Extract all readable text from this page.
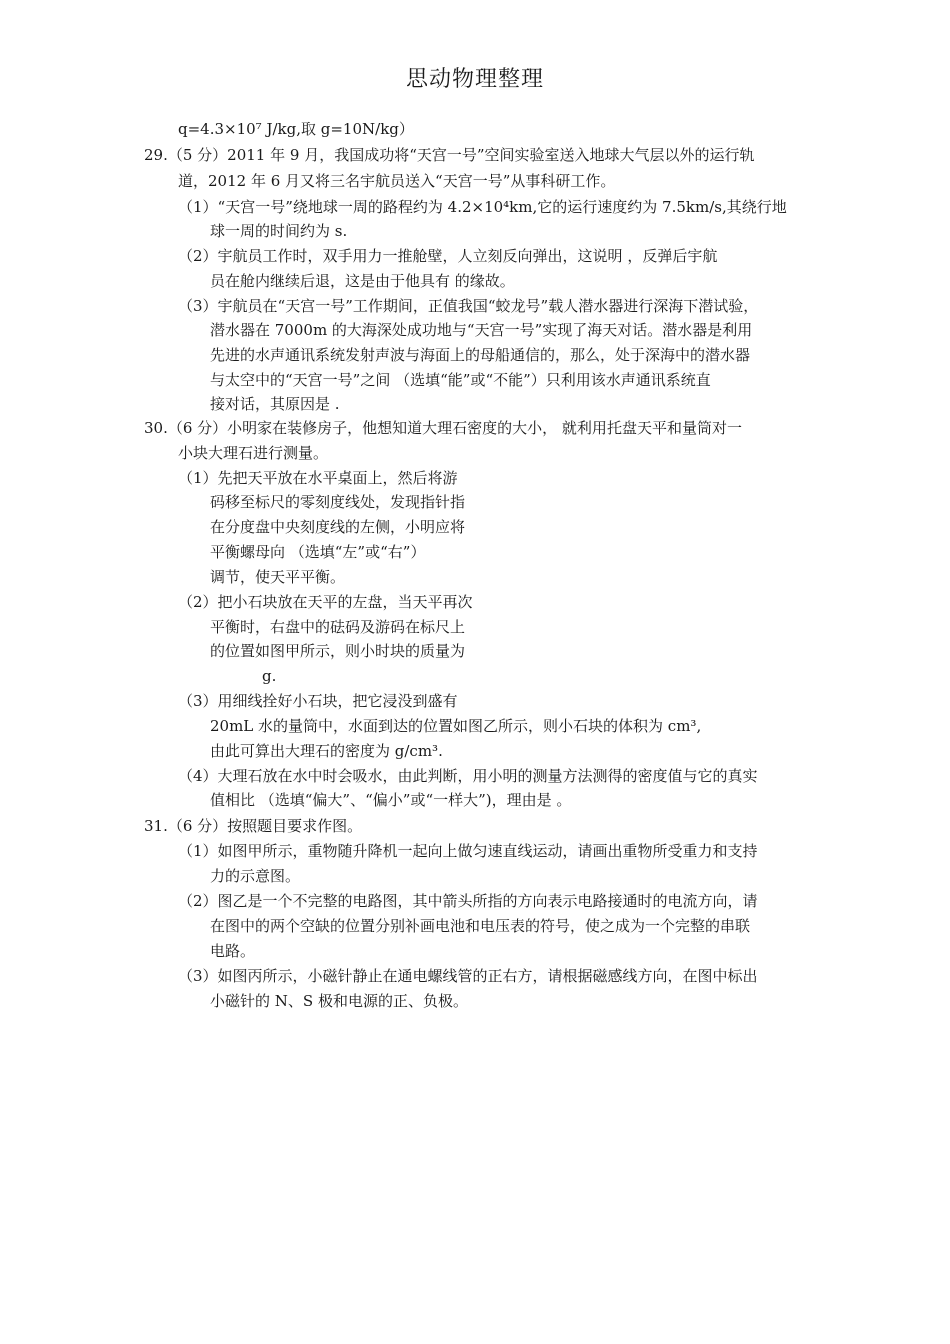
思动物理整理
q=4.3×10⁷ J/kg,取 g=10N/kg）
29.（5 分）2011 年 9 月，我国成功将“天宫一号”空间实验室送入地球大气层以外的运行轨
道，2012 年 6 月又将三名宇航员送入“天宫一号”从事科研工作。
（1）“天宫一号”绕地球一周的路程约为 4.2×10⁴km,它的运行速度约为 7.5km/s,其绕行地
球一周的时间约为 s.
（2）宇航员工作时，双手用力一推舱壁，人立刻反向弹出，这说明 ，反弹后宇航
员在舱内继续后退，这是由于他具有 的缘故。
（3）宇航员在“天宫一号”工作期间，正值我国“蛟龙号”载人潜水器进行深海下潜试验，
潜水器在 7000m 的大海深处成功地与“天宫一号”实现了海天对话。潜水器是利用
先进的水声通讯系统发射声波与海面上的母船通信的，那么，处于深海中的潜水器
与太空中的“天宫一号”之间 （选填“能”或“不能”）只利用该水声通讯系统直
接对话，其原因是 .
30.（6 分）小明家在装修房子，他想知道大理石密度的大小， 就利用托盘天平和量筒对一
小块大理石进行测量。
（1）先把天平放在水平桌面上，然后将游
码移至标尺的零刻度线处，发现指针指
在分度盘中央刻度线的左侧，小明应将
平衡螺母向 （选填“左”或“右”）
调节，使天平平衡。
（2）把小石块放在天平的左盘，当天平再次
平衡时，右盘中的砝码及游码在标尺上
的位置如图甲所示，则小时块的质量为
g.
（3）用细线拴好小石块，把它浸没到盛有
20mL 水的量筒中，水面到达的位置如图乙所示，则小石块的体积为 cm³,
由此可算出大理石的密度为 g/cm³.
（4）大理石放在水中时会吸水，由此判断，用小明的测量方法测得的密度值与它的真实
值相比 （选填“偏大”、“偏小”或“一样大”)，理由是 。
31.（6 分）按照题目要求作图。
（1）如图甲所示，重物随升降机一起向上做匀速直线运动，请画出重物所受重力和支持
力的示意图。
（2）图乙是一个不完整的电路图，其中箭头所指的方向表示电路接通时的电流方向，请
在图中的两个空缺的位置分别补画电池和电压表的符号，使之成为一个完整的串联
电路。
（3）如图丙所示，小磁针静止在通电螺线管的正右方，请根据磁感线方向，在图中标出
小磁针的 N、S 极和电源的正、负极。
